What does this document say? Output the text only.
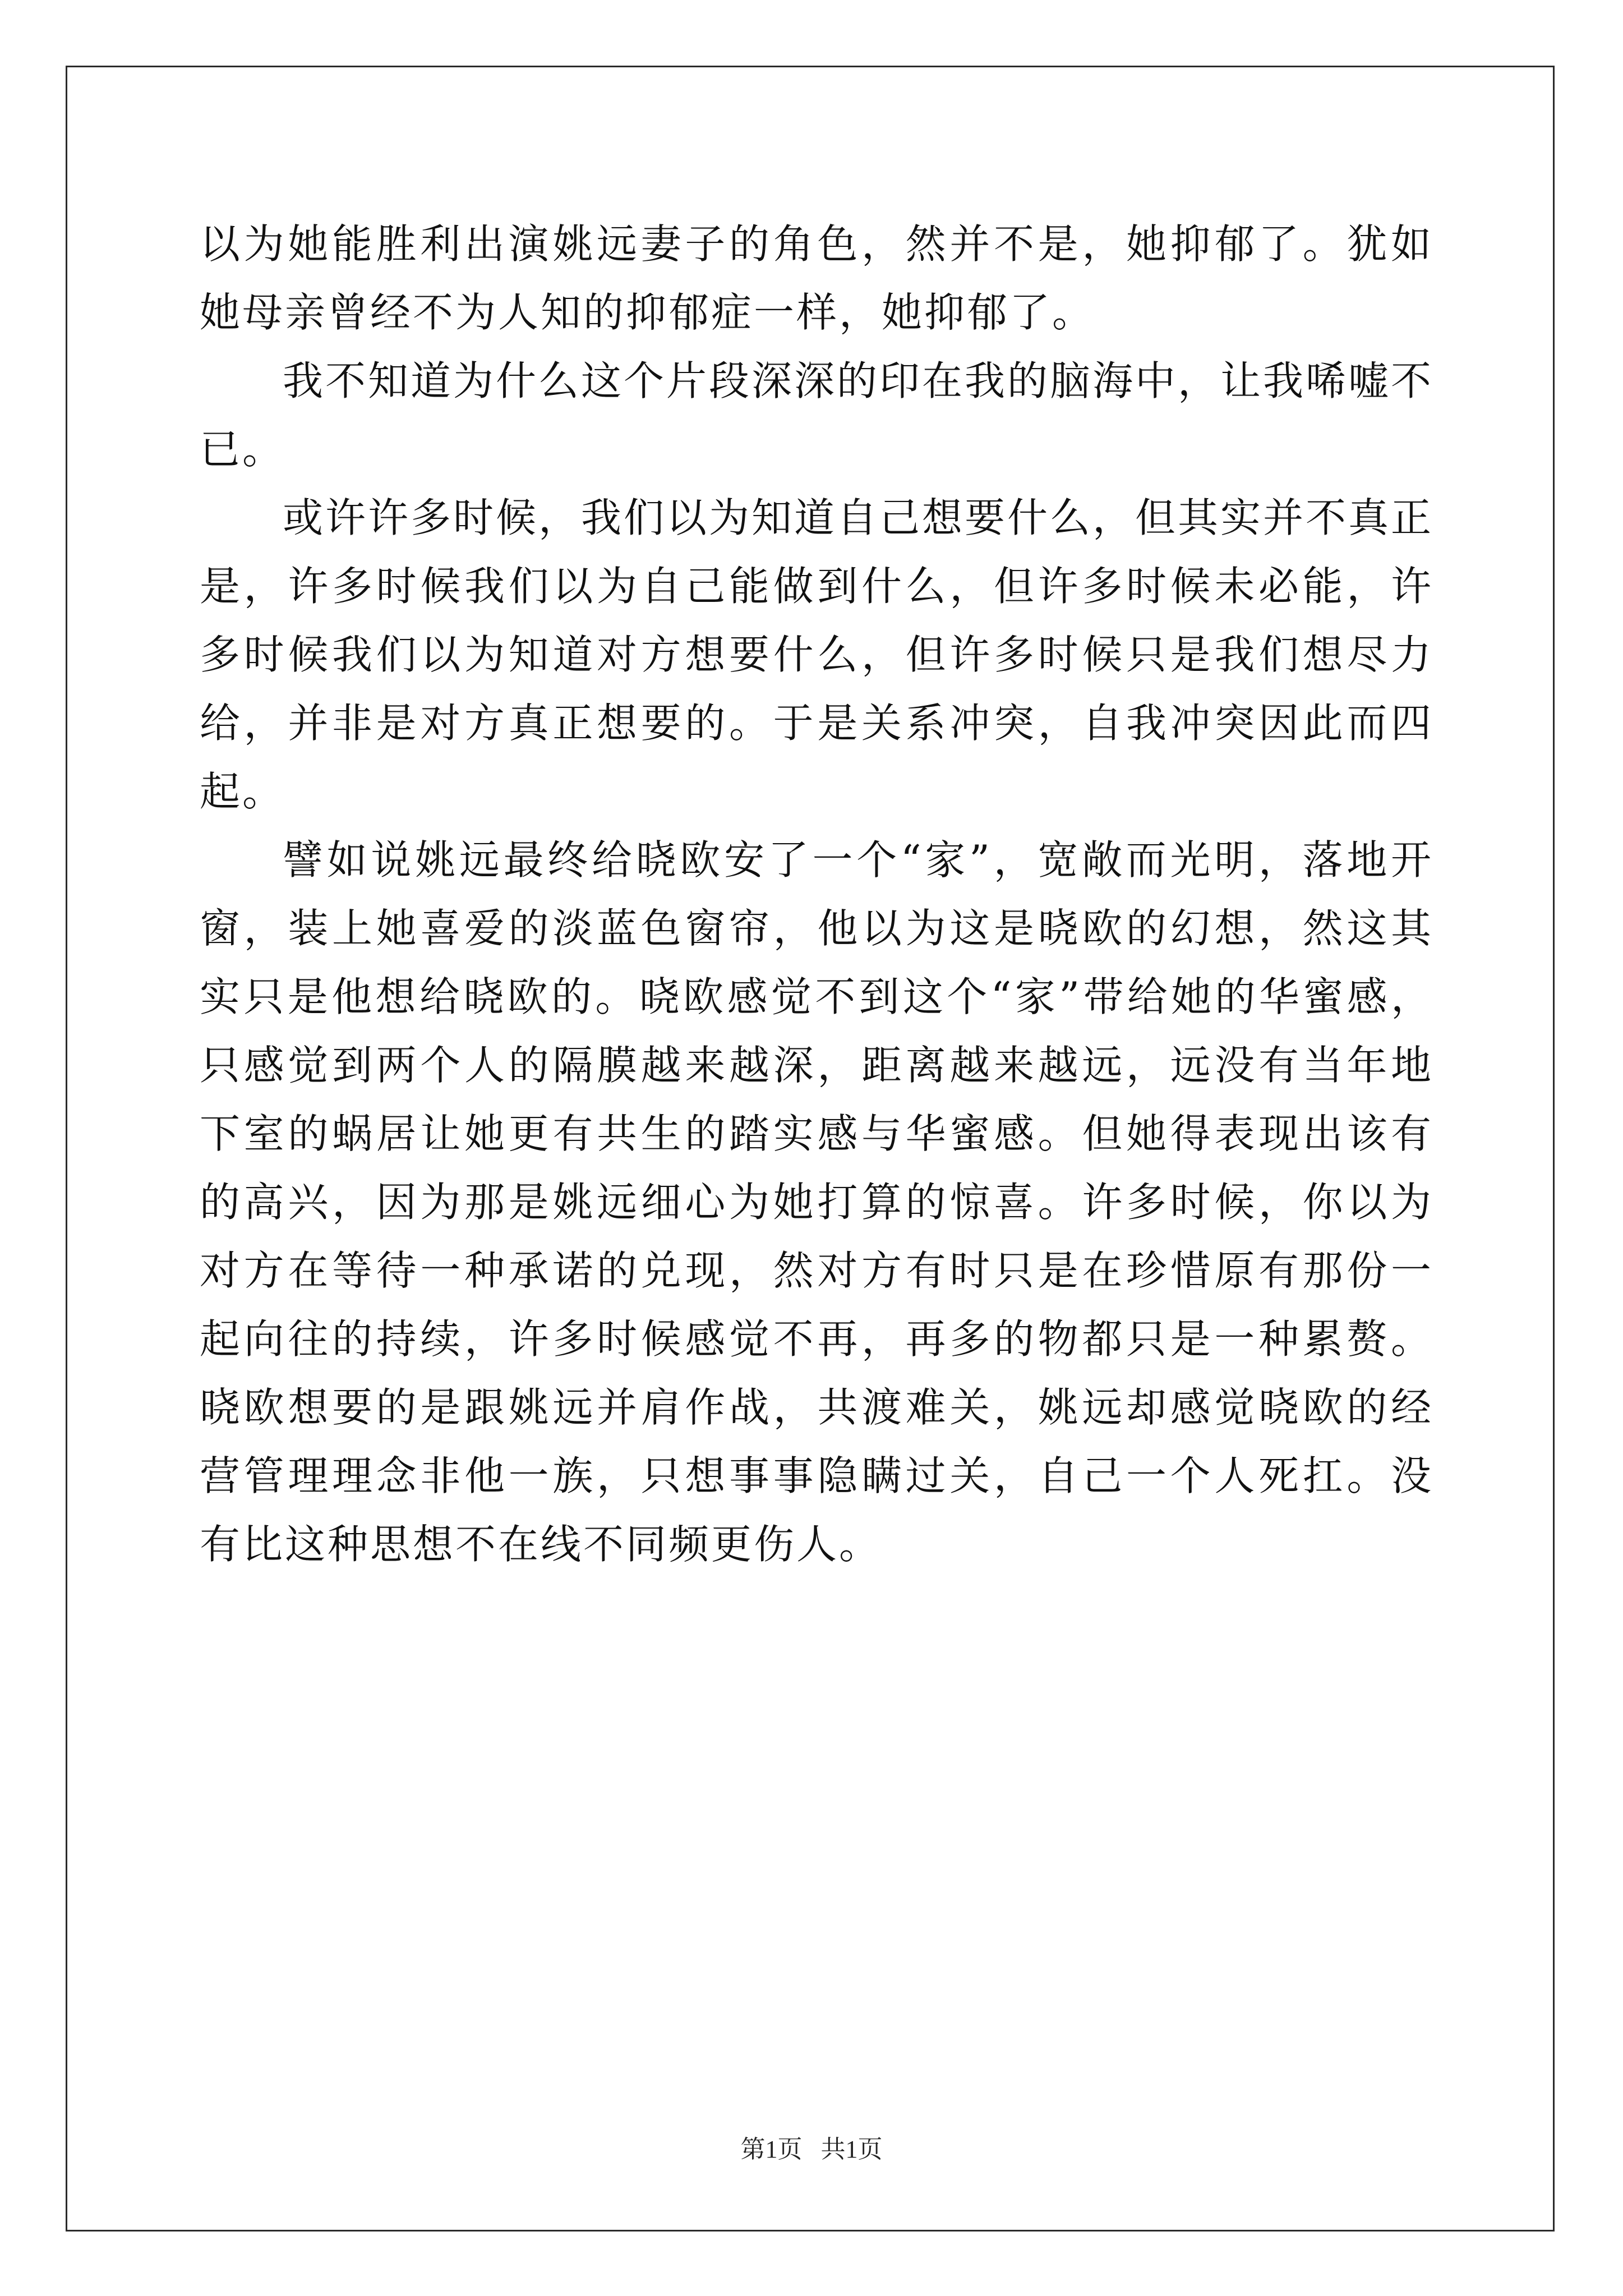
以为她能胜利出演姚远妻子的角色，然并不是，她抑郁了。犹如她母亲曾经不为人知的抑郁症一样，她抑郁了。

我不知道为什么这个片段深深的印在我的脑海中，让我唏嘘不已。

或许许多时候，我们以为知道自己想要什么，但其实并不真正是，许多时候我们以为自己能做到什么，但许多时候未必能，许多时候我们以为知道对方想要什么，但许多时候只是我们想尽力给，并非是对方真正想要的。于是关系冲突，自我冲突因此而四起。

譬如说姚远最终给晓欧安了一个“家”，宽敞而光明，落地开窗，装上她喜爱的淡蓝色窗帘，他以为这是晓欧的幻想，然这其实只是他想给晓欧的。晓欧感觉不到这个“家”带给她的华蜜感，只感觉到两个人的隔膜越来越深，距离越来越远，远没有当年地下室的蜗居让她更有共生的踏实感与华蜜感。但她得表现出该有的高兴，因为那是姚远细心为她打算的惊喜。许多时候，你以为对方在等待一种承诺的兑现，然对方有时只是在珍惜原有那份一起向往的持续，许多时候感觉不再，再多的物都只是一种累赘。晓欧想要的是跟姚远并肩作战，共渡难关，姚远却感觉晓欧的经营管理理念非他一族，只想事事隐瞒过关，自己一个人死扛。没有比这种思想不在线不同频更伤人。

第1页   共1页
